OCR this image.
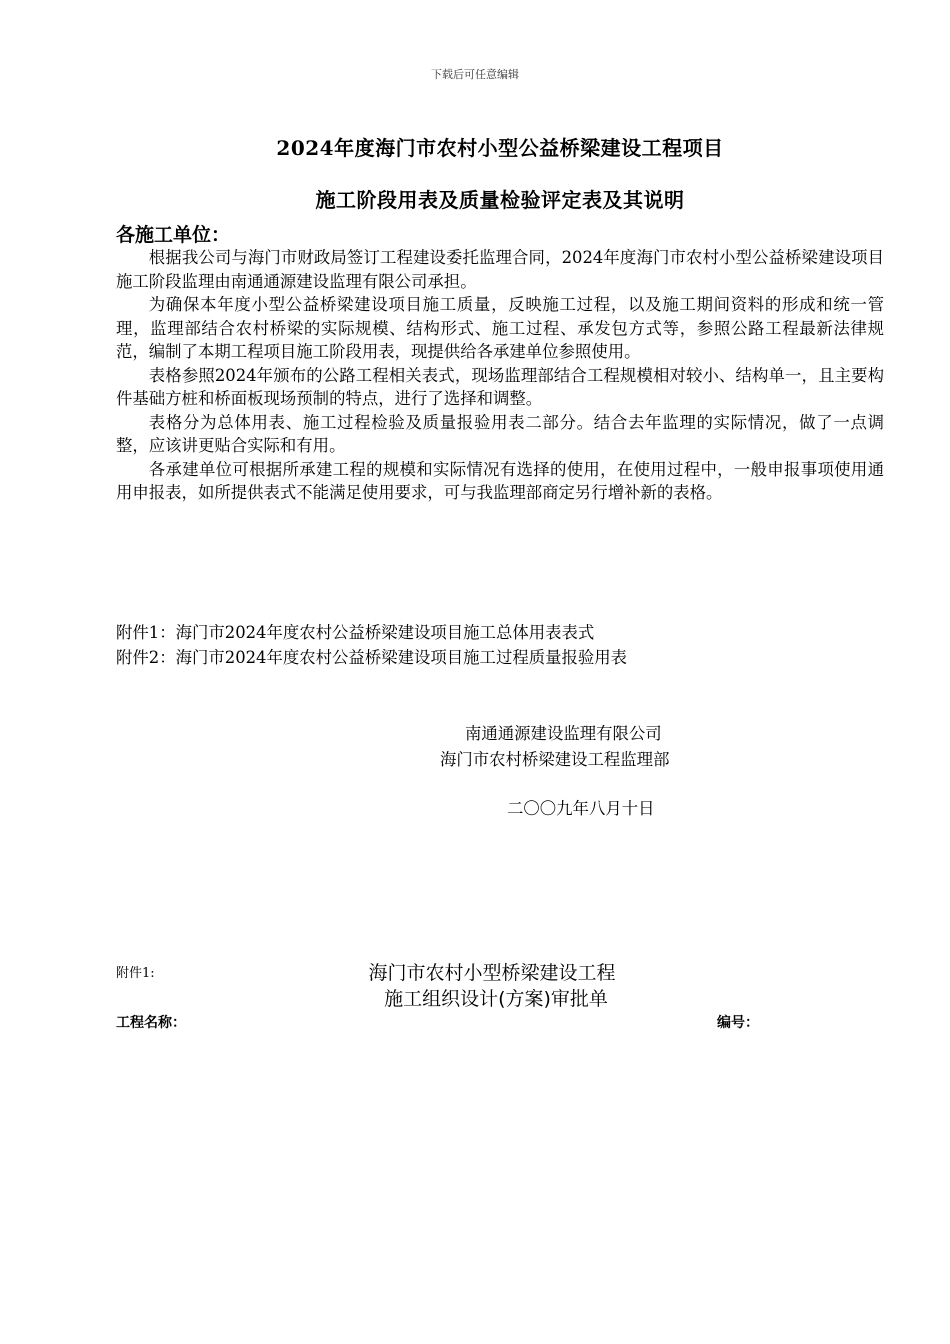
下载后可任意编辑
2024年度海门市农村小型公益桥梁建设工程项目
施工阶段用表及质量检验评定表及其说明
各施工单位：

根据我公司与海门市财政局签订工程建设委托监理合同，2024年度海门市农村小型公益桥梁建设项目施工阶段监理由南通通源建设监理有限公司承担。

为确保本年度小型公益桥梁建设项目施工质量，反映施工过程，以及施工期间资料的形成和统一管理，监理部结合农村桥梁的实际规模、结构形式、施工过程、承发包方式等，参照公路工程最新法律规范，编制了本期工程项目施工阶段用表，现提供给各承建单位参照使用。

表格参照2024年颁布的公路工程相关表式，现场监理部结合工程规模相对较小、结构单一，且主要构件基础方桩和桥面板现场预制的特点，进行了选择和调整。

表格分为总体用表、施工过程检验及质量报验用表二部分。结合去年监理的实际情况，做了一点调整，应该讲更贴合实际和有用。

各承建单位可根据所承建工程的规模和实际情况有选择的使用，在使用过程中，一般申报事项使用通用申报表，如所提供表式不能满足使用要求，可与我监理部商定另行增补新的表格。

附件1：海门市2024年度农村公益桥梁建设项目施工总体用表表式
附件2：海门市2024年度农村公益桥梁建设项目施工过程质量报验用表
南通通源建设监理有限公司
海门市农村桥梁建设工程监理部
二〇〇九年八月十日
附件1:	海门市农村小型桥梁建设工程
施工组织设计(方案)审批单
工程名称：	编号：
